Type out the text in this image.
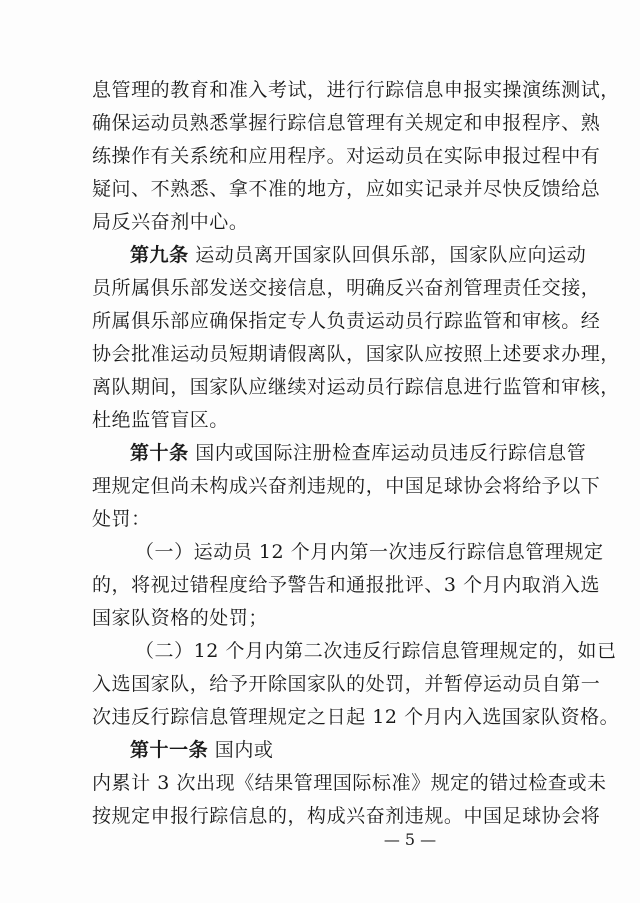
息管理的教育和准入考试，进行行踪信息申报实操演练测试，
确保运动员熟悉掌握行踪信息管理有关规定和申报程序、熟
练操作有关系统和应用程序。对运动员在实际申报过程中有
疑问、不熟悉、拿不准的地方，应如实记录并尽快反馈给总
局反兴奋剂中心。
第九条 运动员离开国家队回俱乐部，国家队应向运动
员所属俱乐部发送交接信息，明确反兴奋剂管理责任交接，
所属俱乐部应确保指定专人负责运动员行踪监管和审核。经
协会批准运动员短期请假离队，国家队应按照上述要求办理，
离队期间，国家队应继续对运动员行踪信息进行监管和审核，
杜绝监管盲区。
第十条 国内或国际注册检查库运动员违反行踪信息管
理规定但尚未构成兴奋剂违规的，中国足球协会将给予以下
处罚：
（一）运动员 12 个月内第一次违反行踪信息管理规定
的，将视过错程度给予警告和通报批评、3 个月内取消入选
国家队资格的处罚；
（二）12 个月内第二次违反行踪信息管理规定的，如已
入选国家队，给予开除国家队的处罚，并暂停运动员自第一
次违反行踪信息管理规定之日起 12 个月内入选国家队资格。
第十一条 国内或
内累计 3 次出现《结果管理国际标准》规定的错过检查或未
按规定申报行踪信息的，构成兴奋剂违规。中国足球协会将
— 5 —
